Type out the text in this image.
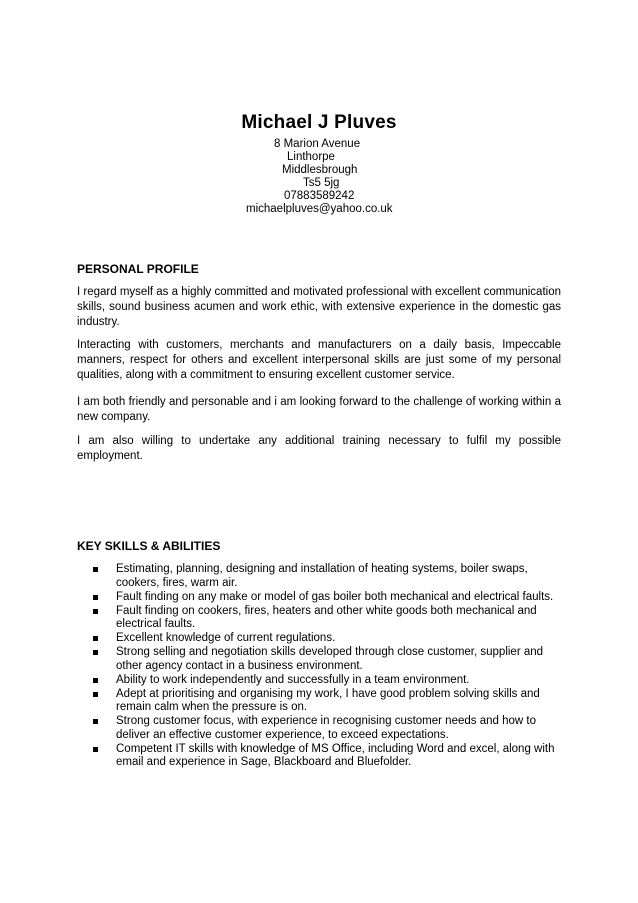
Michael J Pluves
8 Marion Avenue
Linthorpe
Middlesbrough
Ts5 5jg
07883589242
michaelpluves@yahoo.co.uk
PERSONAL PROFILE
I regard myself as a highly committed and motivated professional with excellent communication skills, sound business acumen and work ethic, with extensive experience in the domestic gas industry.
Interacting with customers, merchants and manufacturers on a daily basis, Impeccable manners, respect for others and excellent interpersonal skills are just some of my personal qualities, along with a commitment to ensuring excellent customer service.
I am both friendly and personable and i am looking forward to the challenge of working within a new company.
I am also willing to undertake any additional training necessary to fulfil my possible employment.
KEY SKILLS & ABILITIES
Estimating, planning, designing and installation of heating systems, boiler swaps, cookers, fires, warm air.
Fault finding on any make or model of gas boiler both mechanical and electrical faults.
Fault finding on cookers, fires, heaters and other white goods both mechanical and electrical faults.
Excellent knowledge of current regulations.
Strong selling and negotiation skills developed through close customer, supplier and other agency contact in a business environment.
Ability to work independently and successfully in a team environment.
Adept at prioritising and organising my work, I have good problem solving skills and remain calm when the pressure is on.
Strong customer focus, with experience in recognising customer needs and how to deliver an effective customer experience, to exceed expectations.
Competent IT skills with knowledge of MS Office, including Word and excel, along with email and experience in Sage, Blackboard and Bluefolder.
